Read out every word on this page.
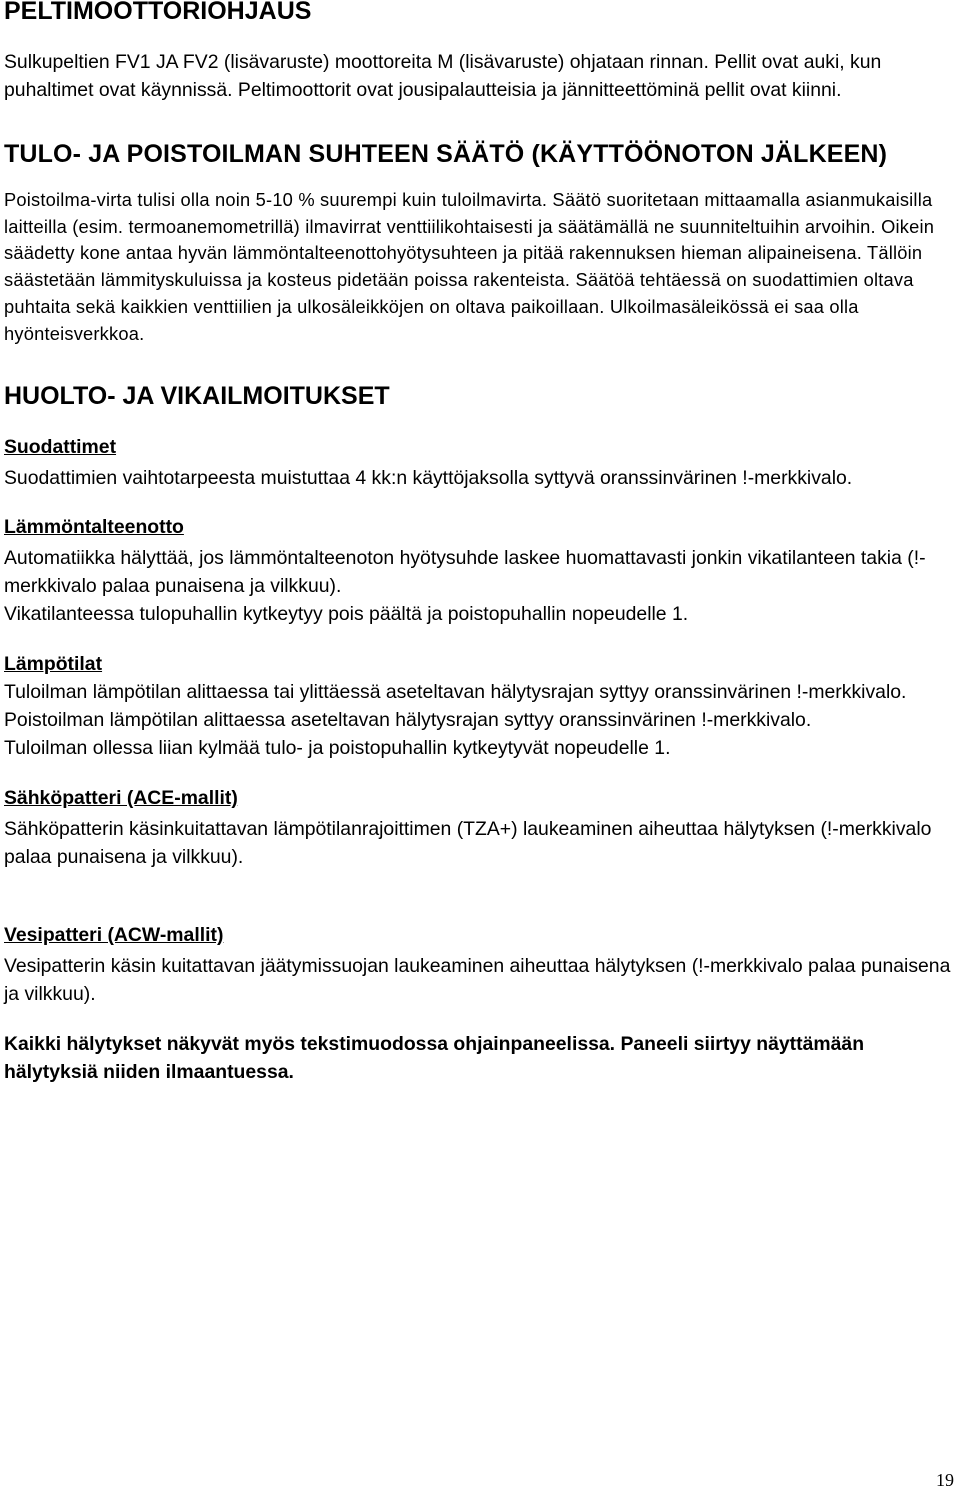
PELTIMOOTTORIOHJAUS

Sulkupeltien FV1 JA FV2 (lisävaruste) moottoreita M (lisävaruste) ohjataan rinnan. Pellit ovat auki, kun puhaltimet ovat käynnissä. Peltimoottorit ovat jousipalautteisia ja jännitteettöminä pellit ovat kiinni.

TULO- JA POISTOILMAN SUHTEEN SÄÄTÖ (KÄYTTÖÖNOTON JÄLKEEN)

Poistoilma-virta tulisi olla noin 5-10 % suurempi kuin tuloilmavirta. Säätö suoritetaan mittaamalla asianmukaisilla laitteilla (esim. termoanemometrillä) ilmavirrat venttiilikohtaisesti ja säätämällä ne suunniteltuihin arvoihin. Oikein säädetty kone antaa hyvän lämmöntalteenottohyötysuhteen ja pitää rakennuksen hieman alipaineisena. Tällöin säästetään lämmityskuluissa ja kosteus pidetään poissa rakenteista. Säätöä tehtäessä on suodattimien oltava puhtaita sekä kaikkien venttiilien ja ulkosäleikköjen on oltava paikoillaan. Ulkoilmasäleikössä ei saa olla hyönteisverkkoa.

HUOLTO- JA VIKAILMOITUKSET

Suodattimet

Suodattimien vaihtotarpeesta muistuttaa 4 kk:n käyttöjaksolla syttyvä oranssinvärinen !-merkkivalo.

Lämmöntalteenotto

Automatiikka hälyttää, jos lämmöntalteenoton hyötysuhde laskee huomattavasti jonkin vikatilanteen takia (!-merkkivalo palaa punaisena ja vilkkuu).

Vikatilanteessa tulopuhallin kytkeytyy pois päältä ja poistopuhallin nopeudelle 1.

Lämpötilat

Tuloilman lämpötilan alittaessa tai ylittäessä aseteltavan hälytysrajan syttyy oranssinvärinen !-merkkivalo.

Poistoilman lämpötilan alittaessa aseteltavan hälytysrajan syttyy oranssinvärinen !-merkkivalo.

Tuloilman ollessa liian kylmää tulo- ja poistopuhallin kytkeytyvät nopeudelle 1.

Sähköpatteri (ACE-mallit)

Sähköpatterin käsinkuitattavan lämpötilanrajoittimen (TZA+) laukeaminen aiheuttaa hälytyksen (!-merkkivalo palaa punaisena ja vilkkuu).

Vesipatteri (ACW-mallit)

Vesipatterin käsin kuitattavan jäätymissuojan laukeaminen aiheuttaa hälytyksen (!-merkkivalo palaa punaisena ja vilkkuu).

Kaikki hälytykset näkyvät myös tekstimuodossa ohjainpaneelissa. Paneeli siirtyy näyttämään hälytyksiä niiden ilmaantuessa.

19
